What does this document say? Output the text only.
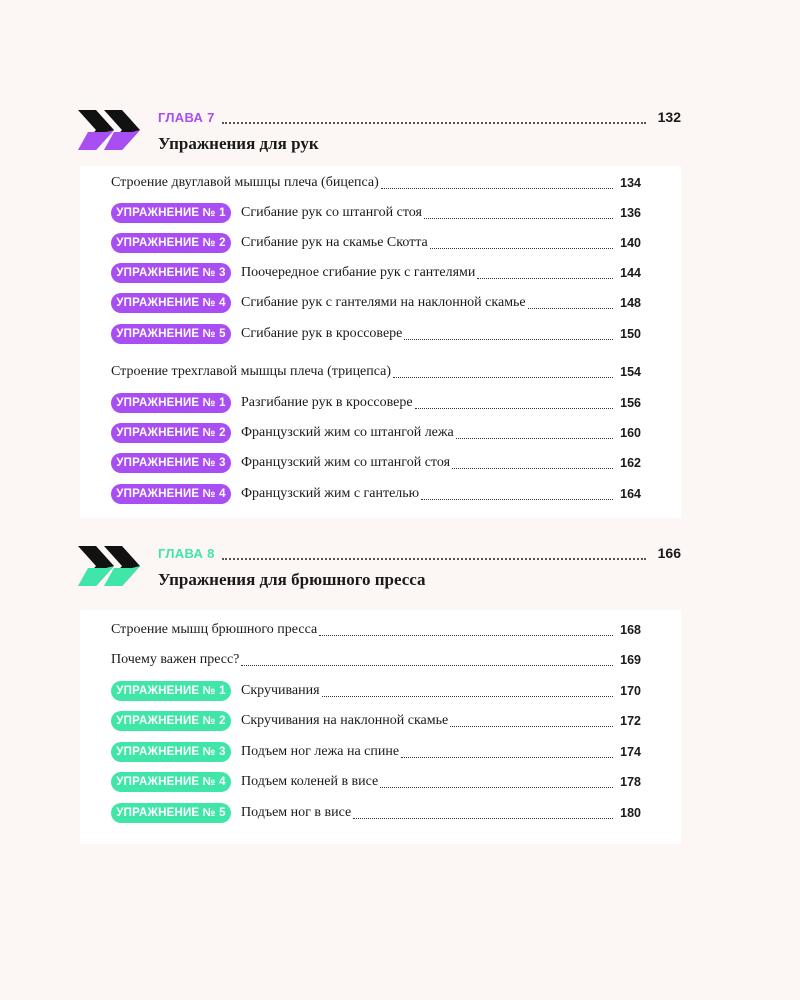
ГЛАВА 7	132
Упражнения для рук
Строение двуглавой мышцы плеча (бицепса)	134
УПРАЖНЕНИЕ № 1	Сгибание рук со штангой стоя	136
УПРАЖНЕНИЕ № 2	Сгибание рук на скамье Скотта	140
УПРАЖНЕНИЕ № 3	Поочередное сгибание рук с гантелями	144
УПРАЖНЕНИЕ № 4	Сгибание рук с гантелями на наклонной скамье	148
УПРАЖНЕНИЕ № 5	Сгибание рук в кроссовере	150
Строение трехглавой мышцы плеча (трицепса)	154
УПРАЖНЕНИЕ № 1	Разгибание рук в кроссовере	156
УПРАЖНЕНИЕ № 2	Французский жим со штангой лежа	160
УПРАЖНЕНИЕ № 3	Французский жим со штангой стоя	162
УПРАЖНЕНИЕ № 4	Французский жим с гантелью	164
ГЛАВА 8	166
Упражнения для брюшного пресса
Строение мышц брюшного пресса	168
Почему важен пресс?	169
УПРАЖНЕНИЕ № 1	Скручивания	170
УПРАЖНЕНИЕ № 2	Скручивания на наклонной скамье	172
УПРАЖНЕНИЕ № 3	Подъем ног лежа на спине	174
УПРАЖНЕНИЕ № 4	Подъем коленей в висе	178
УПРАЖНЕНИЕ № 5	Подъем ног в висе	180
